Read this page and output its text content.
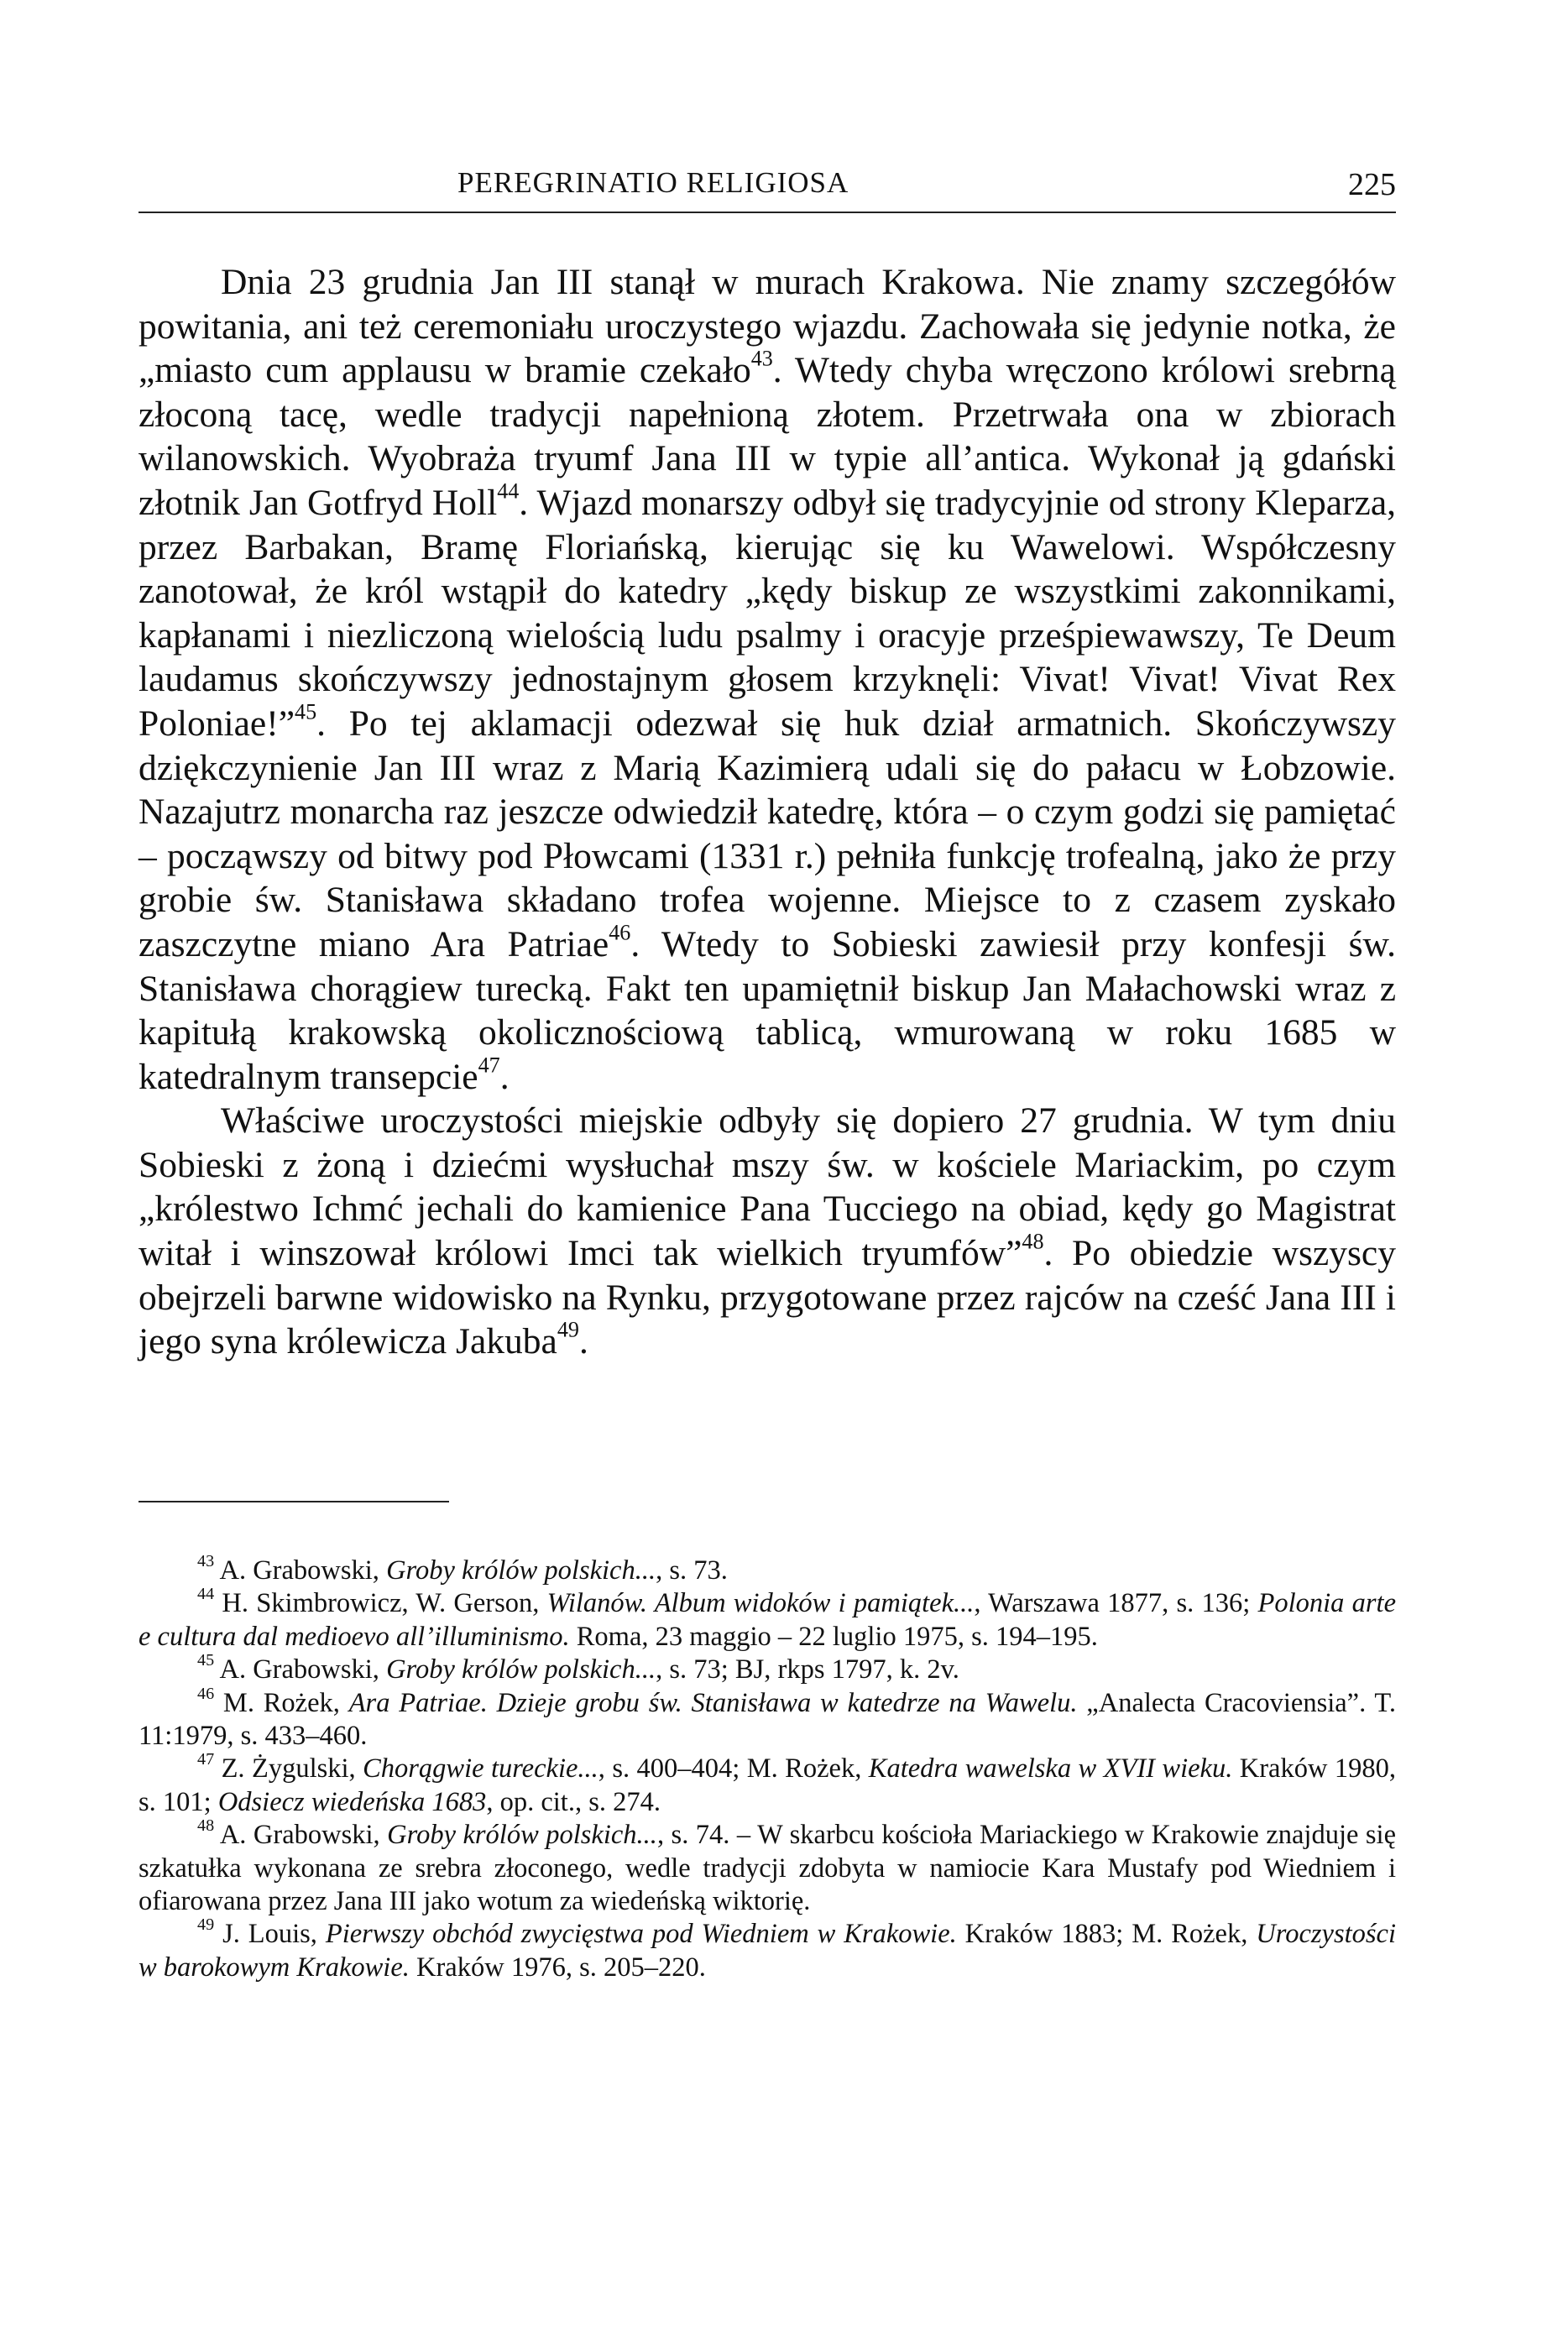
PEREGRINATIO RELIGIOSA	225

Dnia 23 grudnia Jan III stanął w murach Krakowa. Nie znamy szczegółów powitania, ani też ceremoniału uroczystego wjazdu. Zachowała się jedynie notka, że „miasto cum applausu w bramie czekało$^{43}$. Wtedy chyba wręczono królowi srebrną złoconą tacę, wedle tradycji napełnioną złotem. Przetrwała ona w zbiorach wilanowskich. Wyobraża tryumf Jana III w typie all’antica. Wykonał ją gdański złotnik Jan Gotfryd Holl$^{44}$. Wjazd monarszy odbył się tradycyjnie od strony Kleparza, przez Barbakan, Bramę Floriańską, kierując się ku Wawelowi. Współczesny zanotował, że król wstąpił do katedry „kędy biskup ze wszystkimi zakonnikami, kapłanami i niezliczoną wielością ludu psalmy i oracyje prześpiewawszy, Te Deum laudamus skończywszy jednostajnym głosem krzyknęli: Vivat! Vivat! Vivat Rex Poloniae!”$^{45}$. Po tej aklamacji odezwał się huk dział armatnich. Skończywszy dziękczynienie Jan III wraz z Marią Kazimierą udali się do pałacu w Łobzowie. Nazajutrz monarcha raz jeszcze odwiedził katedrę, która – o czym godzi się pamiętać – począwszy od bitwy pod Płowcami (1331 r.) pełniła funkcję trofealną, jako że przy grobie św. Stanisława składano trofea wojenne. Miejsce to z czasem zyskało zaszczytne miano Ara Patriae$^{46}$. Wtedy to Sobieski zawiesił przy konfesji św. Stanisława chorągiew turecką. Fakt ten upamiętnił biskup Jan Małachowski wraz z kapitułą krakowską okolicznościową tablicą, wmurowaną w roku 1685 w katedralnym transepcie$^{47}$.

Właściwe uroczystości miejskie odbyły się dopiero 27 grudnia. W tym dniu Sobieski z żoną i dziećmi wysłuchał mszy św. w kościele Mariackim, po czym „królestwo Ichmć jechali do kamienice Pana Tucciego na obiad, kędy go Magistrat witał i winszował królowi Imci tak wielkich tryumfów”$^{48}$. Po obiedzie wszyscy obejrzeli barwne widowisko na Rynku, przygotowane przez rajców na cześć Jana III i jego syna królewicza Jakuba$^{49}$.

$^{43}$ A. Grabowski, Groby królów polskich..., s. 73.

$^{44}$ H. Skimbrowicz, W. Gerson, Wilanów. Album widoków i pamiątek..., Warszawa 1877, s. 136; Polonia arte e cultura dal medioevo all’illuminismo. Roma, 23 maggio – 22 luglio 1975, s. 194–195.

$^{45}$ A. Grabowski, Groby królów polskich..., s. 73; BJ, rkps 1797, k. 2v.

$^{46}$ M. Rożek, Ara Patriae. Dzieje grobu św. Stanisława w katedrze na Wawelu. „Analecta Cracoviensia”. T. 11:1979, s. 433–460.

$^{47}$ Z. Żygulski, Chorągwie tureckie..., s. 400–404; M. Rożek, Katedra wawelska w XVII wieku. Kraków 1980, s. 101; Odsiecz wiedeńska 1683, op. cit., s. 274.

$^{48}$ A. Grabowski, Groby królów polskich..., s. 74. – W skarbcu kościoła Mariackiego w Krakowie znajduje się szkatułka wykonana ze srebra złoconego, wedle tradycji zdobyta w namiocie Kara Mustafy pod Wiedniem i ofiarowana przez Jana III jako wotum za wiedeńską wiktorię.

$^{49}$ J. Louis, Pierwszy obchód zwycięstwa pod Wiedniem w Krakowie. Kraków 1883; M. Rożek, Uroczystości w barokowym Krakowie. Kraków 1976, s. 205–220.
